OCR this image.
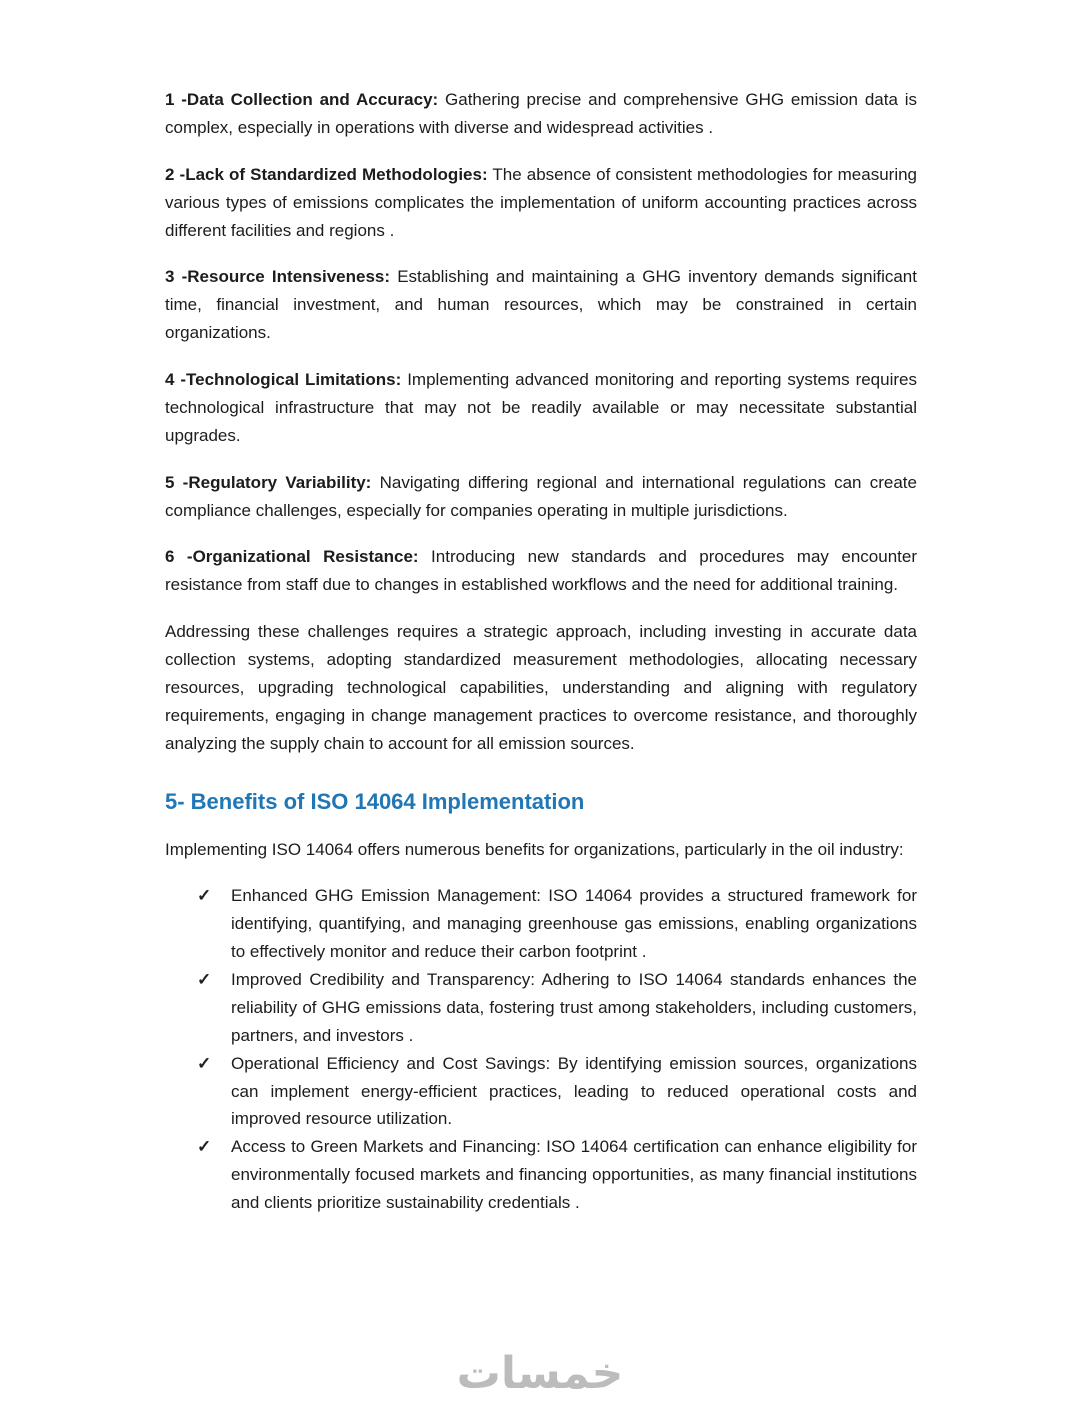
1 -Data Collection and Accuracy: Gathering precise and comprehensive GHG emission data is complex, especially in operations with diverse and widespread activities .

2 -Lack of Standardized Methodologies: The absence of consistent methodologies for measuring various types of emissions complicates the implementation of uniform accounting practices across different facilities and regions .

3 -Resource Intensiveness: Establishing and maintaining a GHG inventory demands significant time, financial investment, and human resources, which may be constrained in certain organizations.

4 -Technological Limitations: Implementing advanced monitoring and reporting systems requires technological infrastructure that may not be readily available or may necessitate substantial upgrades.

5 -Regulatory Variability: Navigating differing regional and international regulations can create compliance challenges, especially for companies operating in multiple jurisdictions.

6 -Organizational Resistance: Introducing new standards and procedures may encounter resistance from staff due to changes in established workflows and the need for additional training.

Addressing these challenges requires a strategic approach, including investing in accurate data collection systems, adopting standardized measurement methodologies, allocating necessary resources, upgrading technological capabilities, understanding and aligning with regulatory requirements, engaging in change management practices to overcome resistance, and thoroughly analyzing the supply chain to account for all emission sources.

5- Benefits of ISO 14064 Implementation

Implementing ISO 14064 offers numerous benefits for organizations, particularly in the oil industry:

✓ Enhanced GHG Emission Management: ISO 14064 provides a structured framework for identifying, quantifying, and managing greenhouse gas emissions, enabling organizations to effectively monitor and reduce their carbon footprint .
✓ Improved Credibility and Transparency: Adhering to ISO 14064 standards enhances the reliability of GHG emissions data, fostering trust among stakeholders, including customers, partners, and investors .
✓ Operational Efficiency and Cost Savings: By identifying emission sources, organizations can implement energy-efficient practices, leading to reduced operational costs and improved resource utilization.
✓ Access to Green Markets and Financing: ISO 14064 certification can enhance eligibility for environmentally focused markets and financing opportunities, as many financial institutions and clients prioritize sustainability credentials .
خمسات
